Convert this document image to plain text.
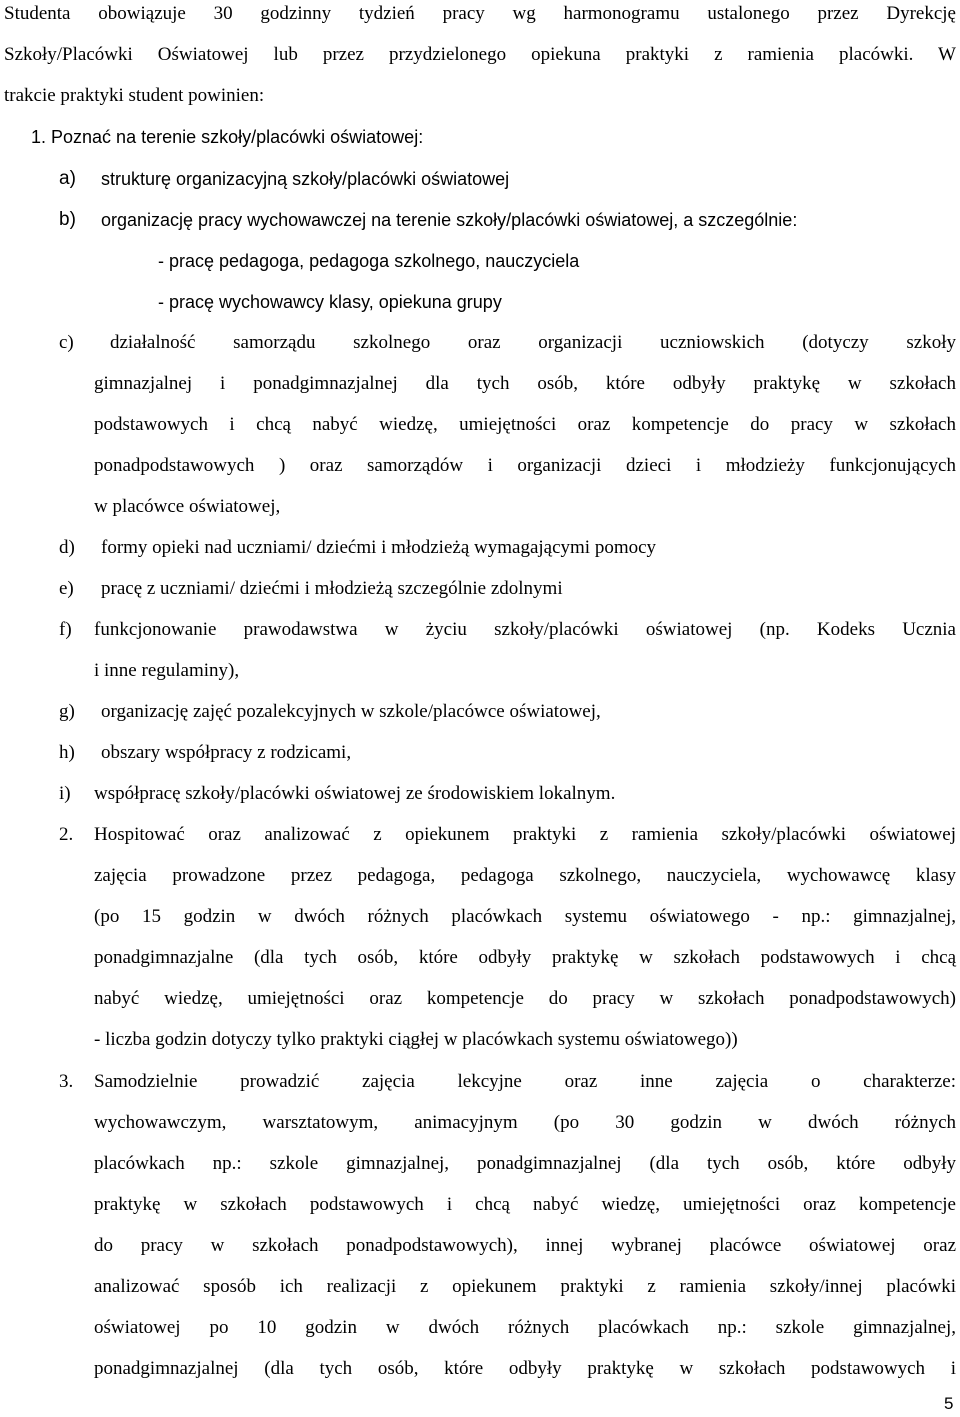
Studenta obowiązuje 30 godzinny tydzień pracy wg harmonogramu ustalonego przez Dyrekcję
Szkoły/Placówki Oświatowej lub przez przydzielonego opiekuna praktyki z ramienia placówki. W
trakcie praktyki student powinien:
1. Poznać na terenie szkoły/placówki oświatowej:
a) strukturę organizacyjną szkoły/placówki oświatowej
b) organizację pracy wychowawczej na terenie szkoły/placówki oświatowej, a szczególnie:
- pracę pedagoga, pedagoga szkolnego, nauczyciela
- pracę wychowawcy klasy, opiekuna grupy
c) działalność samorządu szkolnego oraz organizacji uczniowskich (dotyczy szkoły
gimnazjalnej i ponadgimnazjalnej dla tych osób, które odbyły praktykę w szkołach
podstawowych i chcą nabyć wiedzę, umiejętności oraz kompetencje do pracy w szkołach
ponadpodstawowych ) oraz samorządów i organizacji dzieci i młodzieży funkcjonujących
w placówce oświatowej,
d) formy opieki nad uczniami/ dziećmi i młodzieżą wymagającymi pomocy
e) pracę z uczniami/ dziećmi i młodzieżą szczególnie zdolnymi
f) funkcjonowanie prawodawstwa w życiu szkoły/placówki oświatowej (np. Kodeks Ucznia
i inne regulaminy),
g) organizację zajęć pozalekcyjnych w szkole/placówce oświatowej,
h) obszary współpracy z rodzicami,
i) współpracę szkoły/placówki oświatowej ze środowiskiem lokalnym.
2. Hospitować oraz analizować z opiekunem praktyki z ramienia szkoły/placówki oświatowej
zajęcia prowadzone przez pedagoga, pedagoga szkolnego, nauczyciela, wychowawcę klasy
(po 15 godzin w dwóch różnych placówkach systemu oświatowego - np.: gimnazjalnej,
ponadgimnazjalne (dla tych osób, które odbyły praktykę w szkołach podstawowych i chcą
nabyć wiedzę, umiejętności oraz kompetencje do pracy w szkołach ponadpodstawowych)
- liczba godzin dotyczy tylko praktyki ciągłej w placówkach systemu oświatowego))
3. Samodzielnie prowadzić zajęcia lekcyjne oraz inne zajęcia o charakterze:
wychowawczym, warsztatowym, animacyjnym (po 30 godzin w dwóch różnych
placówkach np.: szkole gimnazjalnej, ponadgimnazjalnej (dla tych osób, które odbyły
praktykę w szkołach podstawowych i chcą nabyć wiedzę, umiejętności oraz kompetencje
do pracy w szkołach ponadpodstawowych), innej wybranej placówce oświatowej oraz
analizować sposób ich realizacji z opiekunem praktyki z ramienia szkoły/innej placówki
oświatowej po 10 godzin w dwóch różnych placówkach np.: szkole gimnazjalnej,
ponadgimnazjalnej (dla tych osób, które odbyły praktykę w szkołach podstawowych i
5
